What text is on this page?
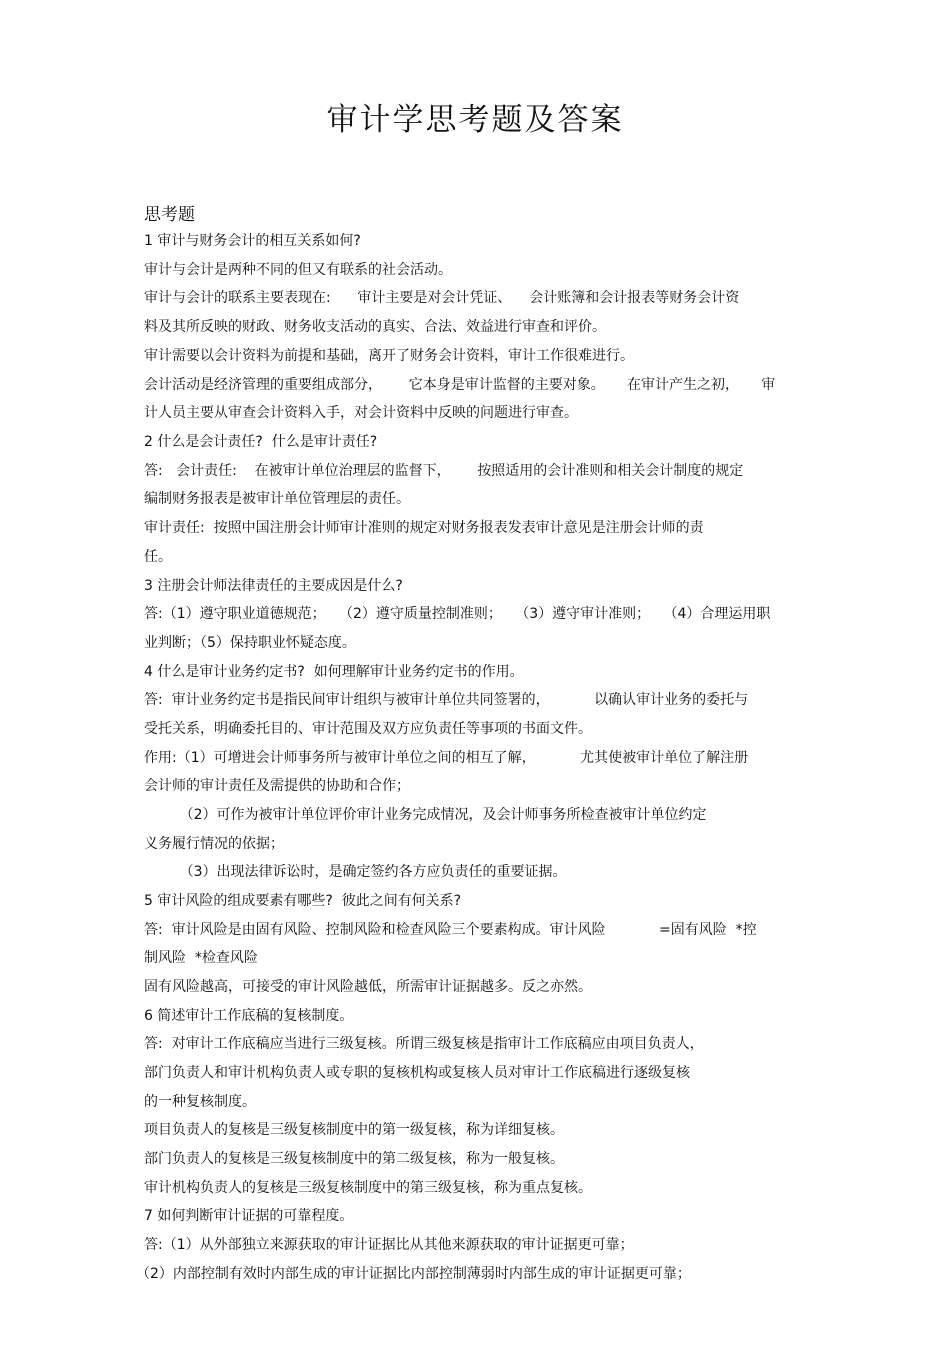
审计学思考题及答案
思考题
1 审计与财务会计的相互关系如何?
审计与会计是两种不同的但又有联系的社会活动。
审计与会计的联系主要表现在:      审计主要是对会计凭证、    会计账簿和会计报表等财务会计资
料及其所反映的财政、财务收支活动的真实、合法、效益进行审查和评价。
审计需要以会计资料为前提和基础，离开了财务会计资料，审计工作很难进行。
会计活动是经济管理的重要组成部分，      它本身是审计监督的主要对象。     在审计产生之初，     审
计人员主要从审查会计资料入手，对会计资料中反映的问题进行审查。
2 什么是会计责任?  什么是审计责任?
答:   会计责任:    在被审计单位治理层的监督下，      按照适用的会计准则和相关会计制度的规定
编制财务报表是被审计单位管理层的责任。
审计责任:  按照中国注册会计师审计准则的规定对财务报表发表审计意见是注册会计师的责
任。
3 注册会计师法律责任的主要成因是什么?
答:（1）遵守职业道德规范；   （2）遵守质量控制准则；   （3）遵守审计准则；   （4）合理运用职
业判断；（5）保持职业怀疑态度。
4 什么是审计业务约定书?  如何理解审计业务约定书的作用。
答:  审计业务约定书是指民间审计组织与被审计单位共同签署的，          以确认审计业务的委托与
受托关系，明确委托目的、审计范围及双方应负责任等事项的书面文件。
作用:（1）可增进会计师事务所与被审计单位之间的相互了解，          尤其使被审计单位了解注册
会计师的审计责任及需提供的协助和合作；
（2）可作为被审计单位评价审计业务完成情况，及会计师事务所检查被审计单位约定
义务履行情况的依据；
（3）出现法律诉讼时，是确定签约各方应负责任的重要证据。
5 审计风险的组成要素有哪些?  彼此之间有何关系?
答:  审计风险是由固有风险、控制风险和检查风险三个要素构成。审计风险            =固有风险  *控
制风险  *检查风险
固有风险越高，可接受的审计风险越低，所需审计证据越多。反之亦然。
6 简述审计工作底稿的复核制度。
答:  对审计工作底稿应当进行三级复核。所谓三级复核是指审计工作底稿应由项目负责人，
部门负责人和审计机构负责人或专职的复核机构或复核人员对审计工作底稿进行逐级复核
的一种复核制度。
项目负责人的复核是三级复核制度中的第一级复核，称为详细复核。
部门负责人的复核是三级复核制度中的第二级复核，称为一般复核。
审计机构负责人的复核是三级复核制度中的第三级复核，称为重点复核。
7 如何判断审计证据的可靠程度。
答:（1）从外部独立来源获取的审计证据比从其他来源获取的审计证据更可靠；
（2）内部控制有效时内部生成的审计证据比内部控制薄弱时内部生成的审计证据更可靠；
